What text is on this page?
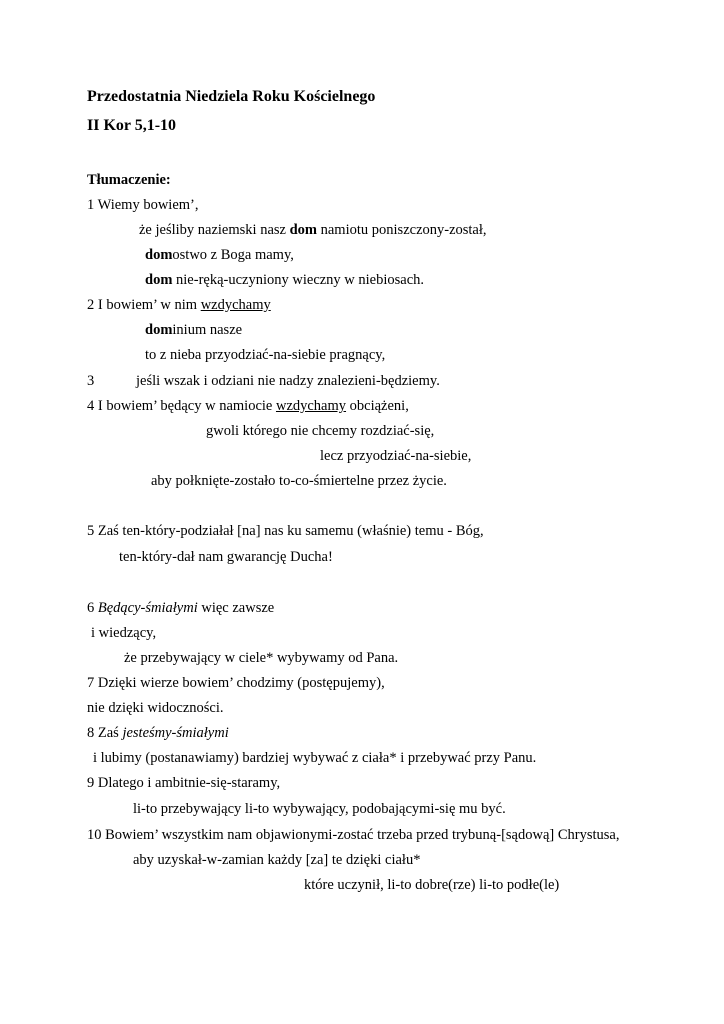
Przedostatnia Niedziela Roku Kościelnego
II Kor 5,1-10
Tłumaczenie:
1 Wiemy bowiem’,
że jeśliby naziemski nasz dom namiotu poniszczony-został,
domostwo z Boga mamy,
dom nie-ręką-uczyniony wieczny w niebiosach.
2 I bowiem’ w nim wzdychamy
dominium nasze
to z nieba przyodziać-na-siebie pragnący,
3	jeśli wszak i odziani nie nadzy znalezieni-będziemy.
4 I bowiem’ będący w namiocie wzdychamy obciążeni,
gwoli którego nie chcemy rozdziać-się,
lecz przyodziać-na-siebie,
aby połknięte-zostało to-co-śmiertelne przez życie.
5 Zaś ten-który-podziałał [na] nas ku samemu (właśnie) temu - Bóg,
ten-który-dał nam gwarancję Ducha!
6 Będący-śmiałymi więc zawsze
i wiedzący,
że przebywający w ciele* wybywamy od Pana.
7 Dzięki wierze bowiem’ chodzimy (postępujemy),
nie dzięki widoczności.
8 Zaś jesteśmy-śmiałymi
i lubimy (postanawiamy) bardziej wybywać z ciała* i przebywać przy Panu.
9 Dlatego i ambitnie-się-staramy,
li-to przebywający li-to wybywający, podobającymi-się mu być.
10 Bowiem’ wszystkim nam objawionymi-zostać trzeba przed trybuną-[sądową] Chrystusa,
aby uzyskał-w-zamian każdy [za] te dzięki ciału*
które uczynił, li-to dobre(rze) li-to podłe(le)
